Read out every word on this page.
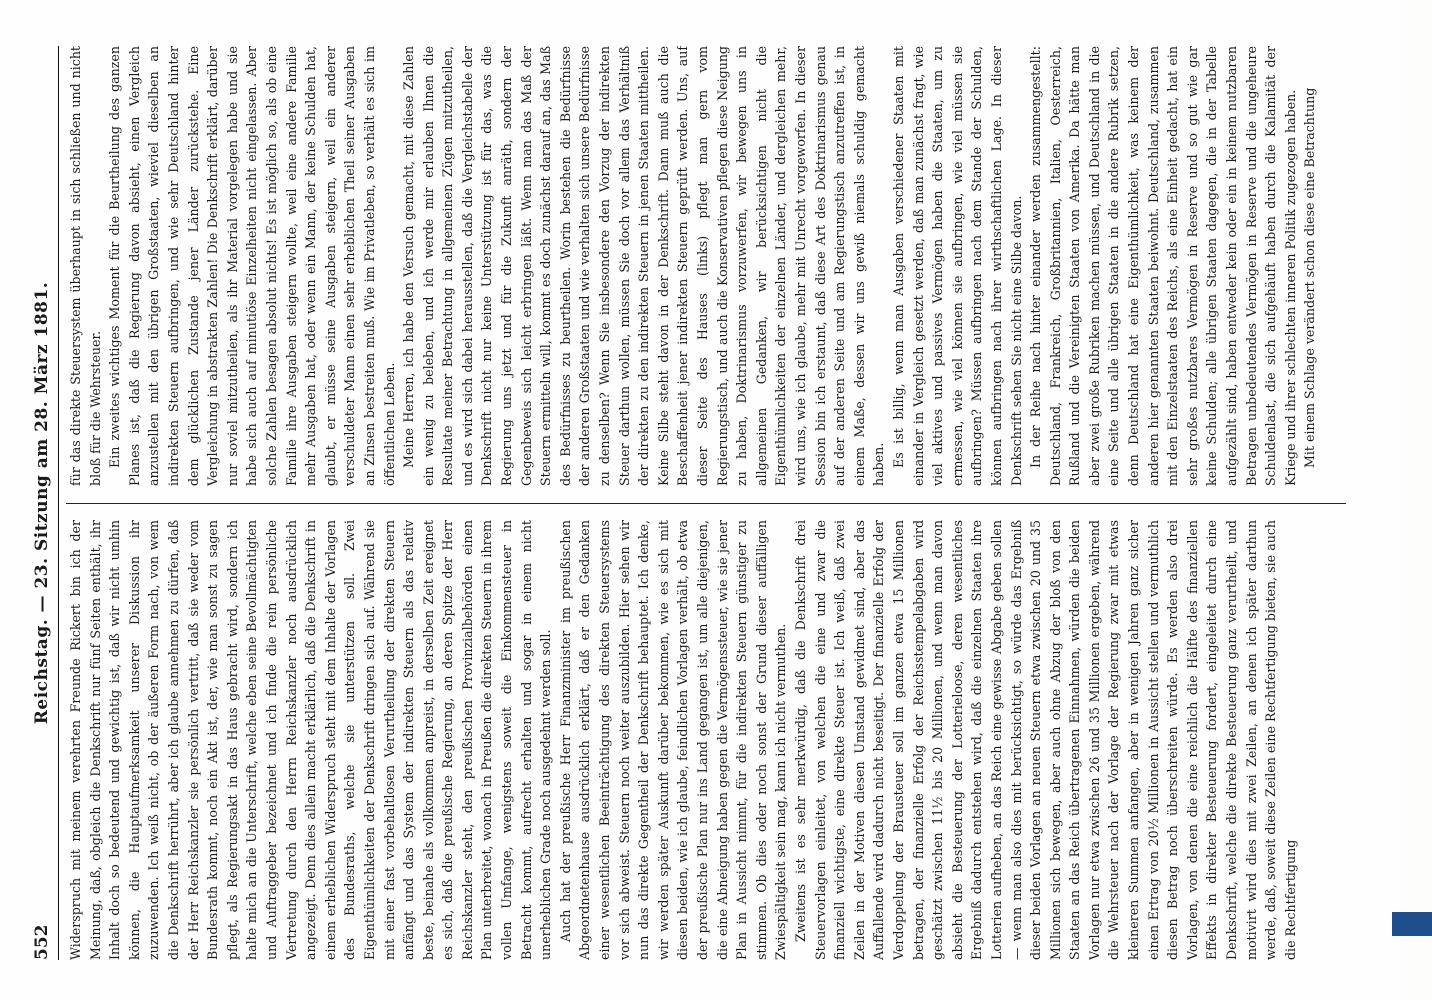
552
Reichstag. — 23. Sitzung am 28. März 1881.

Widerspruch mit meinem verehrten Freunde Rickert bin ich der Meinung, daß, obgleich die Denkschrift nur fünf Seiten enthält, ihr Inhalt doch so bedeutend und gewichtig ist, daß wir nicht umhin können, die Hauptaufmerksamkeit unserer Diskussion ihr zuzuwenden. Ich weiß nicht, ob der äußeren Form nach, von wem die Denkschrift herrührt, aber ich glaube annehmen zu dürfen, daß der Herr Reichskanzler sie persönlich vertritt, daß sie weder vom Bundesrath kommt, noch ein Akt ist, der, wie man sonst zu sagen pflegt, als Regierungsakt in das Haus gebracht wird, sondern ich halte mich an die Unterschrift, welche eben seine Bevollmächtigten und Auftraggeber bezeichnet und ich finde die rein persönliche Vertretung durch den Herrn Reichskanzler noch ausdrücklich angezeigt. Denn dies allein macht erklärlich, daß die Denkschrift in einem erheblichen Widerspruch steht mit dem Inhalte der Vorlagen des Bundesraths, welche sie unterstützen soll. Zwei Eigenthümlichkeiten der Denkschrift dringen sich auf. Während sie mit einer fast vorbehaltlosen Verurtheilung der direkten Steuern anfängt und das System der indirekten Steuern als das relativ beste, beinahe als vollkommen anpreist, in derselben Zeit ereignet es sich, daß die preußische Regierung, an deren Spitze der Herr Reichskanzler steht, den preußischen Provinzialbehörden einen Plan unterbreitet, wonach in Preußen die direkten Steuern in ihrem vollen Umfange, wenigstens soweit die Einkommensteuer in Betracht kommt, aufrecht erhalten und sogar in einem nicht unerheblichen Grade noch ausgedehnt werden soll. Auch hat der preußische Herr Finanzminister im preußischen Abgeordnetenhause ausdrücklich erklärt, daß er den Gedanken einer wesentlichen Beeinträchtigung des direkten Steuersystems vor sich abweist. Steuern noch weiter auszubilden. Hier sehen wir nun das direkte Gegentheil der Denkschrift behauptet. Ich denke, wir werden später Auskunft darüber bekommen, wie es sich mit diesen beiden, wie ich glaube, feindlichen Vorlagen verhält, ob etwa der preußische Plan nur ins Land gegangen ist, um alle diejenigen, die eine Abneigung haben gegen die Vermögenssteuer, wie sie jener Plan in Aussicht nimmt, für die indirekten Steuern günstiger zu stimmen. Ob dies oder noch sonst der Grund dieser auffälligen Zwiespältigkeit sein mag, kann ich nicht vermuthen. Zweitens ist es sehr merkwürdig, daß die Denkschrift drei Steuervorlagen einleitet, von welchen die eine und zwar die finanziell wichtigste, eine direkte Steuer ist. Ich weiß, daß zwei Zeilen in der Motiven diesen Umstand gewidmet sind, aber das Auffallende wird dadurch nicht beseitigt. Der finanzielle Erfolg der Verdoppelung der Brausteuer soll im ganzen etwa 15 Millionen betragen, der finanzielle Erfolg der Reichsstempelabgaben wird geschätzt zwischen 11½ bis 20 Millionen, und wenn man davon absieht die Besteuerung der Lotterieloose, deren wesentliches Ergebniß dadurch entstehen wird, daß die einzelnen Staaten ihre Lotterien aufheben, an das Reich eine gewisse Abgabe geben sollen — wenn man also dies mit berücksichtigt, so würde das Ergebniß dieser beiden Vorlagen an neuen Steuern etwa zwischen 20 und 35 Millionen sich bewegen, aber auch ohne Abzug der bloß von den Staaten an das Reich übertragenen Einnahmen, würden die beiden Vorlagen nur etwa zwischen 26 und 35 Millionen ergeben, während die Wehrsteuer nach der Vorlage der Regierung zwar mit etwas kleineren Summen anfangen, aber in wenigen Jahren ganz sicher einen Ertrag von 20½ Millionen in Aussicht stellen und vermuthlich diesen Betrag noch überschreiten würde. Es werden also drei Vorlagen, von denen die eine reichlich die Hälfte des finanziellen Effekts in direkter Besteuerung fordert, eingeleitet durch eine Denkschrift, welche die direkte Besteuerung ganz verurtheilt, und motivirt wird dies mit zwei Zeilen, an denen ich später darthun werde, daß, soweit diese Zeilen eine Rechtfertigung bieten, sie auch die Rechtfertigung

für das direkte Steuersystem überhaupt in sich schließen und nicht bloß für die Wehrsteuer. Ein zweites wichtiges Moment für die Beurtheilung des ganzen Planes ist, daß die Regierung davon absieht, einen Vergleich anzustellen mit den übrigen Großstaaten, wieviel dieselben an indirekten Steuern aufbringen, und wie sehr Deutschland hinter dem glücklichen Zustande jener Länder zurückstehe. Eine Vergleichung in abstrakten Zahlen! Die Denkschrift erklärt, darüber nur soviel mitzutheilen, als ihr Material vorgelegen habe und sie habe sich auch auf minutiöse Einzelheiten nicht eingelassen. Aber solche Zahlen besagen absolut nichts! Es ist möglich so, als ob eine Familie ihre Ausgaben steigern wollte, weil eine andere Familie mehr Ausgaben hat, oder wenn ein Mann, der keine Schulden hat, glaubt, er müsse seine Ausgaben steigern, weil ein anderer verschuldeter Mann einen sehr erheblichen Theil seiner Ausgaben an Zinsen bestreiten muß. Wie im Privatleben, so verhält es sich im öffentlichen Leben. Meine Herren, ich habe den Versuch gemacht, mit diese Zahlen ein wenig zu beleben, und ich werde mir erlauben Ihnen die Resultate meiner Betrachtung in allgemeinen Zügen mitzutheilen, und es wird sich dabei herausstellen, daß die Vergleichstabelle der Denkschrift nicht nur keine Unterstützung ist für das, was die Regierung uns jetzt und für die Zukunft anräth, sondern der Gegenbeweis sich leicht erbringen läßt. Wenn man das Maß der Steuern ermitteln will, kommt es doch zunächst darauf an, das Maß des Bedürfnisses zu beurtheilen. Worin bestehen die Bedürfnisse der anderen Großstaaten und wie verhalten sich unsere Bedürfnisse zu denselben? Wenn Sie insbesondere den Vorzug der indirekten Steuer darthun wollen, müssen Sie doch vor allem das Verhältniß der direkten zu den indirekten Steuern in jenen Staaten mittheilen. Keine Silbe steht davon in der Denkschrift. Dann muß auch die Beschaffenheit jener indirekten Steuern geprüft werden. Uns, auf dieser Seite des Hauses (links) pflegt man gern vom Regierungstisch, und auch die Konservativen pflegen diese Neigung zu haben, Doktrinarismus vorzuwerfen, wir bewegen uns in allgemeinen Gedanken, wir berücksichtigen nicht die Eigenthümlichkeiten der einzelnen Länder, und dergleichen mehr, wird uns, wie ich glaube, mehr mit Unrecht vorgeworfen. In dieser Session bin ich erstaunt, daß diese Art des Doktrinarismus genau auf der anderen Seite und am Regierungstisch anzutreffen ist, in einem Maße, dessen wir uns gewiß niemals schuldig gemacht haben. Es ist billig, wenn man Ausgaben verschiedener Staaten mit einander in Vergleich gesetzt werden, daß man zunächst fragt, wie viel aktives und passives Vermögen haben die Staaten, um zu ermessen, wie viel können sie aufbringen, wie viel müssen sie aufbringen? Müssen aufbringen nach dem Stande der Schulden, können aufbringen nach ihrer wirthschaftlichen Lage. In dieser Denkschrift sehen Sie nicht eine Silbe davon. In der Reihe nach hinter einander werden zusammengestellt: Deutschland, Frankreich, Großbritannien, Italien, Oesterreich, Rußland und die Vereinigten Staaten von Amerika. Da hätte man aber zwei große Rubriken machen müssen, und Deutschland in die eine Seite und alle übrigen Staaten in die andere Rubrik setzen, denn Deutschland hat eine Eigenthümlichkeit, was keinem der anderen hier genannten Staaten beiwohnt. Deutschland, zusammen mit den Einzelstaaten des Reichs, als eine Einheit gedacht, hat ein sehr großes nutzbares Vermögen in Reserve und so gut wie gar keine Schulden; alle übrigen Staaten dagegen, die in der Tabelle aufgezählt sind, haben entweder kein oder ein in keinem nutzbaren Betragen unbedeutendes Vermögen in Reserve und die ungeheure Schuldenlast, die sich aufgehäuft haben durch die Kalamität der Kriege und ihrer schlechten inneren Politik zugezogen haben. Mit einem Schlage verändert schon diese eine Betrachtung
